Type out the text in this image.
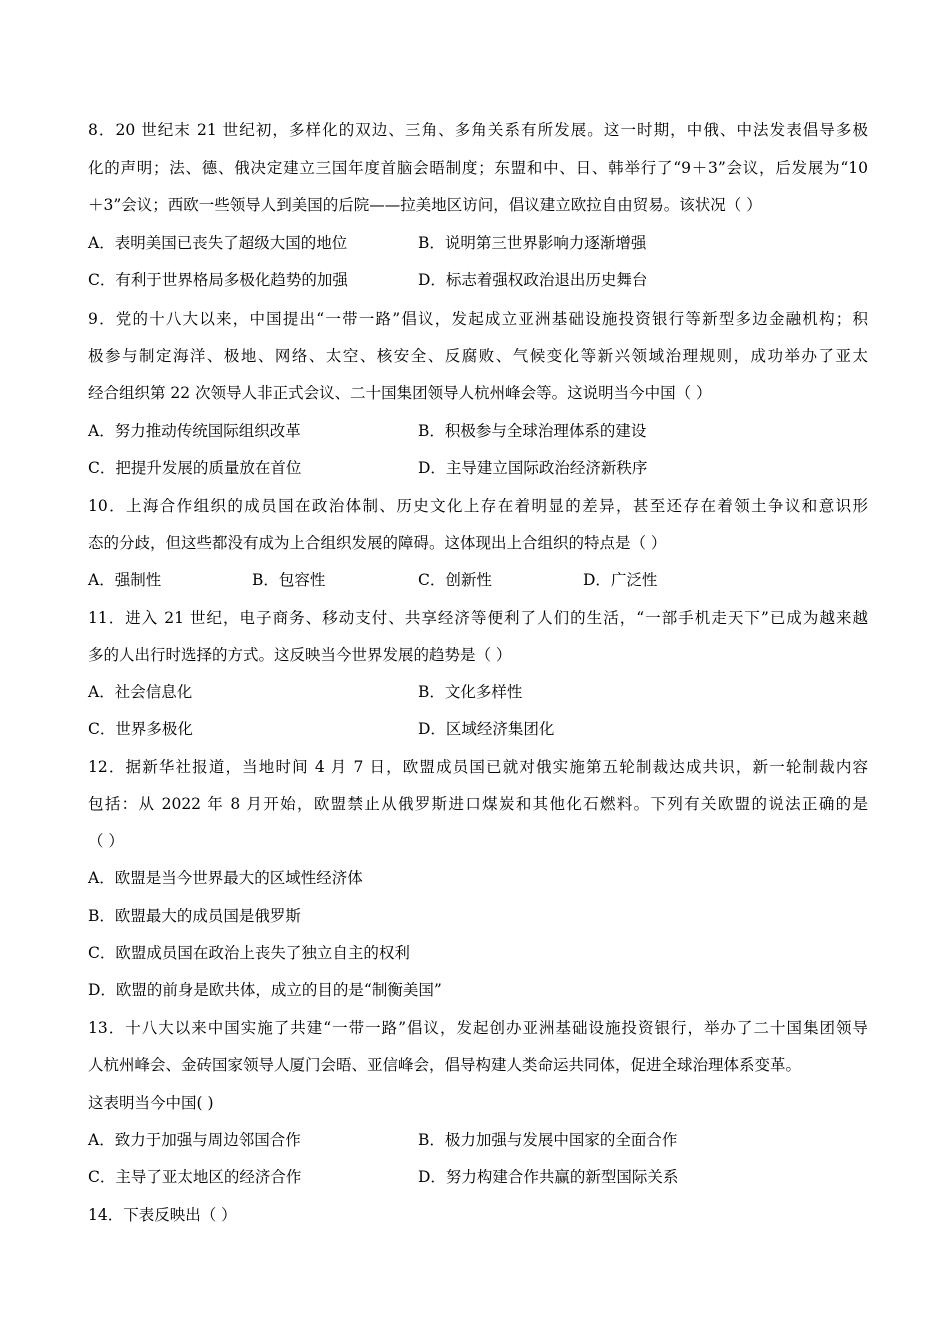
8．20 世纪末 21 世纪初，多样化的双边、三角、多角关系有所发展。这一时期，中俄、中法发表倡导多极
化的声明；法、德、俄决定建立三国年度首脑会晤制度；东盟和中、日、韩举行了“9＋3”会议，后发展为“10
＋3”会议；西欧一些领导人到美国的后院——拉美地区访问，倡议建立欧拉自由贸易。该状况（ ）
A．表明美国已丧失了超级大国的地位	B．说明第三世界影响力逐渐增强
C．有利于世界格局多极化趋势的加强	D．标志着强权政治退出历史舞台
9．党的十八大以来，中国提出“一带一路”倡议，发起成立亚洲基础设施投资银行等新型多边金融机构；积
极参与制定海洋、极地、网络、太空、核安全、反腐败、气候变化等新兴领域治理规则，成功举办了亚太
经合组织第 22 次领导人非正式会议、二十国集团领导人杭州峰会等。这说明当今中国（ ）
A．努力推动传统国际组织改革	B．积极参与全球治理体系的建设
C．把提升发展的质量放在首位	D．主导建立国际政治经济新秩序
10．上海合作组织的成员国在政治体制、历史文化上存在着明显的差异，甚至还存在着领土争议和意识形
态的分歧，但这些都没有成为上合组织发展的障碍。这体现出上合组织的特点是（ ）
A．强制性	B．包容性	C．创新性	D．广泛性
11．进入 21 世纪，电子商务、移动支付、共享经济等便利了人们的生活，“一部手机走天下”已成为越来越
多的人出行时选择的方式。这反映当今世界发展的趋势是（ ）
A．社会信息化	B．文化多样性
C．世界多极化	D．区域经济集团化
12．据新华社报道，当地时间 4 月 7 日，欧盟成员国已就对俄实施第五轮制裁达成共识，新一轮制裁内容
包括：从 2022 年 8 月开始，欧盟禁止从俄罗斯进口煤炭和其他化石燃料。下列有关欧盟的说法正确的是
（ ）
A．欧盟是当今世界最大的区域性经济体
B．欧盟最大的成员国是俄罗斯
C．欧盟成员国在政治上丧失了独立自主的权利
D．欧盟的前身是欧共体，成立的目的是“制衡美国”
13．十八大以来中国实施了共建“一带一路”倡议，发起创办亚洲基础设施投资银行，举办了二十国集团领导
人杭州峰会、金砖国家领导人厦门会晤、亚信峰会，倡导构建人类命运共同体，促进全球治理体系变革。
这表明当今中国( )
A．致力于加强与周边邻国合作	B．极力加强与发展中国家的全面合作
C．主导了亚太地区的经济合作	D．努力构建合作共赢的新型国际关系
14．下表反映出（ ）
